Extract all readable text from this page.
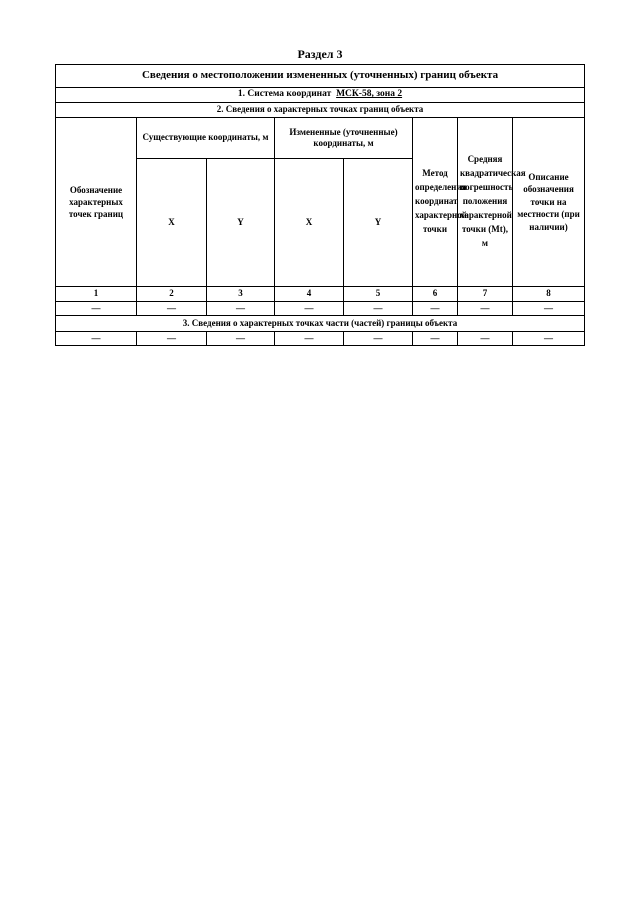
Раздел 3
Сведения о местоположении измененных (уточненных) границ объекта							
1. Система координат МСК-58, зона 2							
2. Сведения о характерных точках границ объекта							
Обозначение характерных точек границ	Существующие координаты, м		Измененные (уточненные) координаты, м		Метод определения координат характерной точки	Средняя квадратическая погрешность положения характерной точки (Mt), м	Описание обозначения точки на местности (при наличии)
	X	Y	X	Y			
1	2	3	4	5	6	7	8
—	—	—	—	—	—	—	—
3. Сведения о характерных точках части (частей) границы объекта							
—	—	—	—	—	—	—	—
